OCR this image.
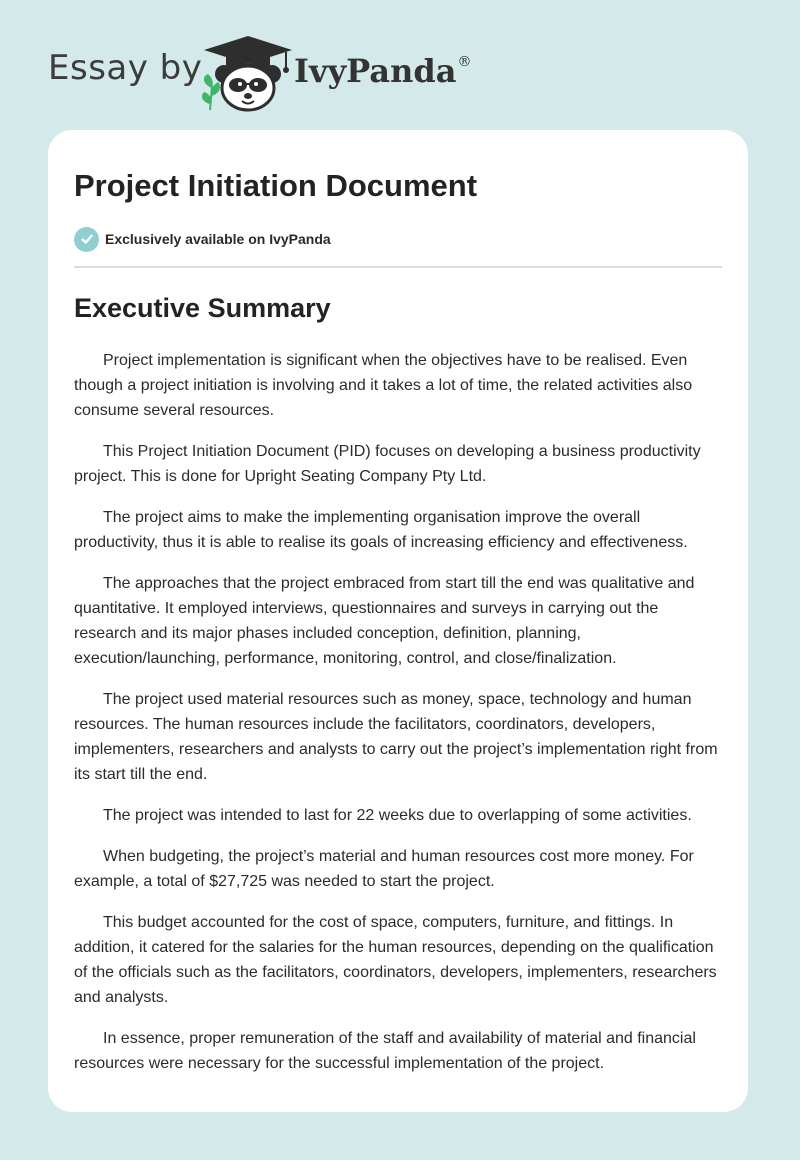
Essay by	IvyPanda®
Project Initiation Document
Exclusively available on IvyPanda
Executive Summary

Project implementation is significant when the objectives have to be realised. Even though a project initiation is involving and it takes a lot of time, the related activities also consume several resources.

This Project Initiation Document (PID) focuses on developing a business productivity project. This is done for Upright Seating Company Pty Ltd.

The project aims to make the implementing organisation improve the overall productivity, thus it is able to realise its goals of increasing efficiency and effectiveness.

The approaches that the project embraced from start till the end was qualitative and quantitative. It employed interviews, questionnaires and surveys in carrying out the research and its major phases included conception, definition, planning, execution/launching, performance, monitoring, control, and close/finalization.

The project used material resources such as money, space, technology and human resources. The human resources include the facilitators, coordinators, developers, implementers, researchers and analysts to carry out the project’s implementation right from its start till the end.

The project was intended to last for 22 weeks due to overlapping of some activities.

When budgeting, the project’s material and human resources cost more money. For example, a total of $27,725 was needed to start the project.

This budget accounted for the cost of space, computers, furniture, and fittings. In addition, it catered for the salaries for the human resources, depending on the qualification of the officials such as the facilitators, coordinators, developers, implementers, researchers and analysts.

In essence, proper remuneration of the staff and availability of material and financial resources were necessary for the successful implementation of the project.
